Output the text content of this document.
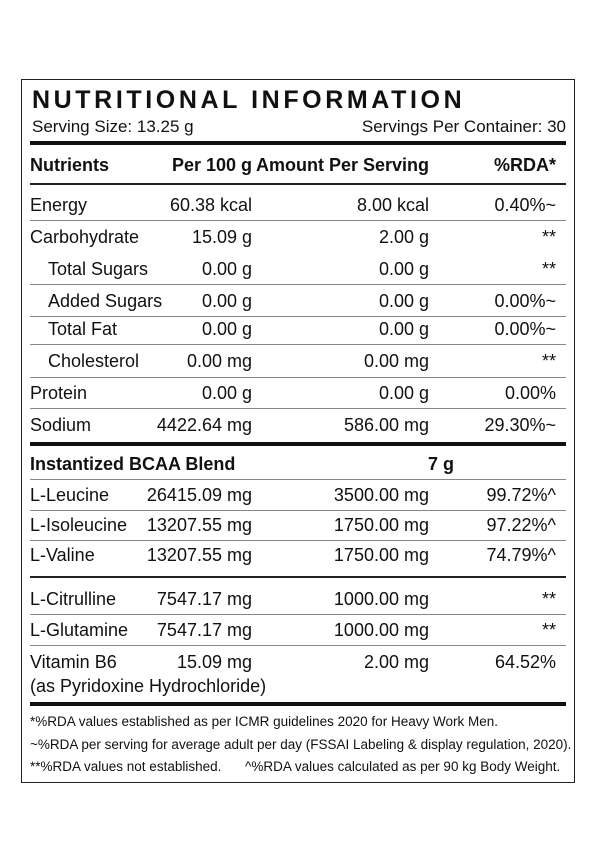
NUTRITIONAL INFORMATION
Serving Size: 13.25 g	Servings Per Container: 30
Nutrients	Per 100 g Amount Per Serving	%RDA*
Energy	60.38 kcal	8.00 kcal	0.40%~
Carbohydrate	15.09 g	2.00 g	**
Total Sugars	0.00 g	0.00 g	**
Added Sugars 0.00 g	0.00 g	0.00%~
Total Fat	0.00 g	0.00 g	0.00%~
Cholesterol	0.00 mg	0.00 mg	**
Protein	0.00 g	0.00 g	0.00%
Sodium	4422.64 mg	586.00 mg	29.30%~
Instantized BCAA Blend	7 g
L-Leucine 26415.09 mg	3500.00 mg	99.72%^
L-Isoleucine 13207.55 mg	1750.00 mg	97.22%^
L-Valine	13207.55 mg	1750.00 mg	74.79%^
L-Citrulline 7547.17 mg	1000.00 mg	**
L-Glutamine 7547.17 mg	1000.00 mg	**
Vitamin B6
(as Pyridoxine Hydrochloride)
15.09 mg	2.00 mg	64.52%
*%RDA values established as per ICMR guidelines 2020 for Heavy Work Men.
~%RDA per serving for average adult per day (FSSAI Labeling & display regulation, 2020).
**%RDA values not established. ^%RDA values calculated as per 90 kg Body Weight.
